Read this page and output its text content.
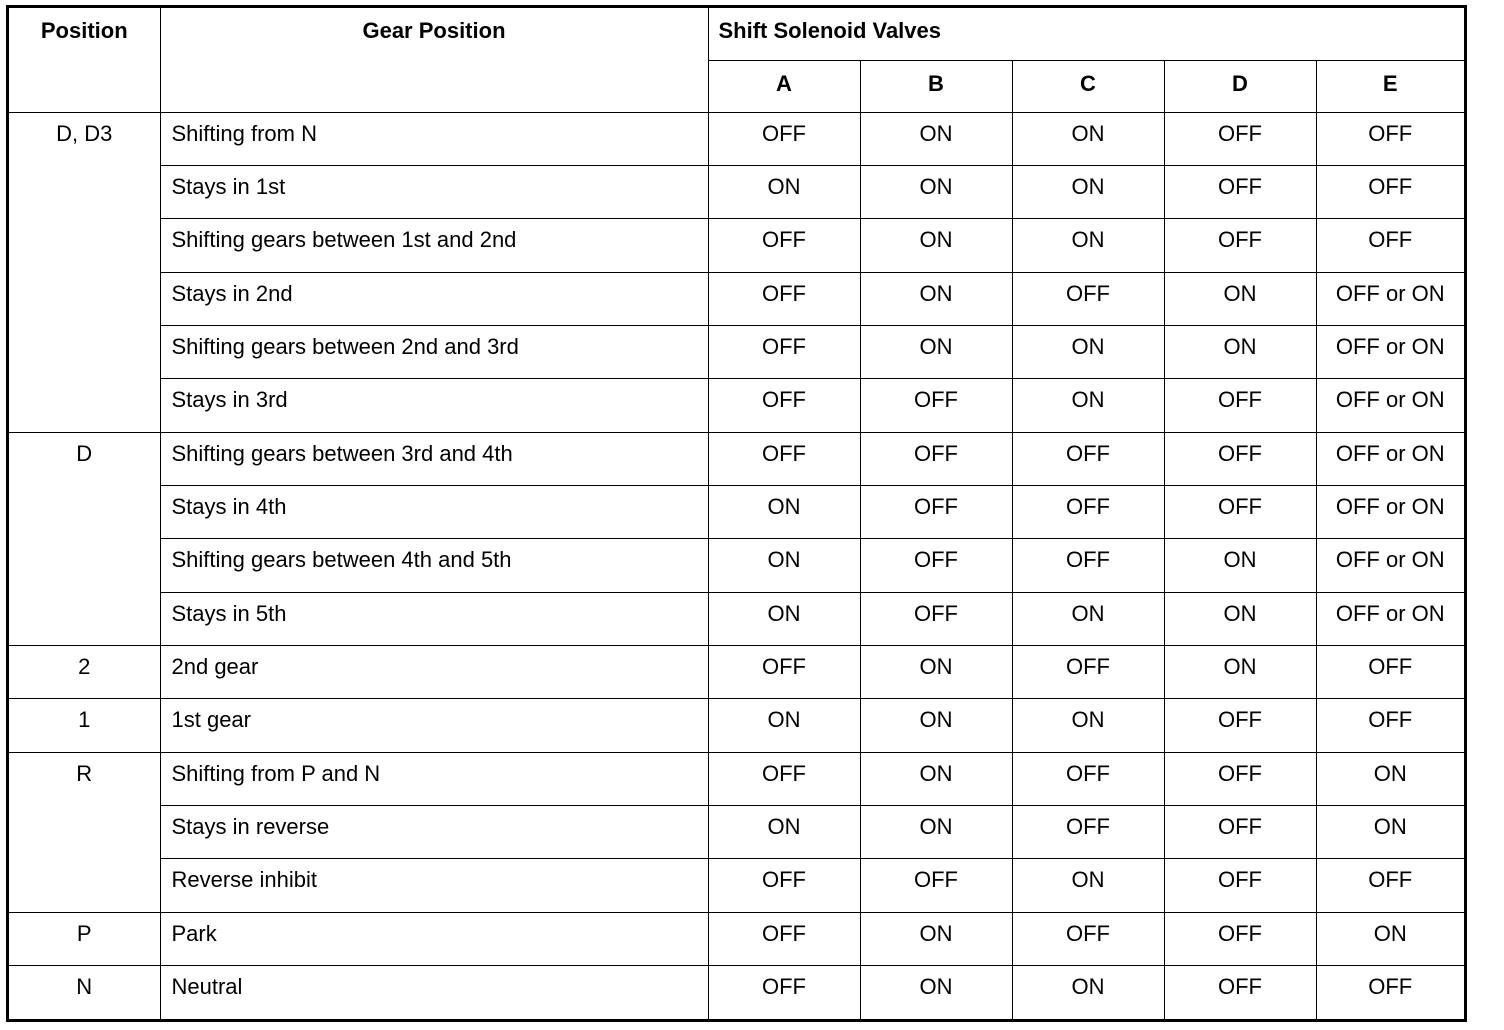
Position	Gear Position	Shift Solenoid Valves				
		A	B	C	D	E
D, D3	Shifting from N	OFF	ON	ON	OFF	OFF
	Stays in 1st	ON	ON	ON	OFF	OFF
	Shifting gears between 1st and 2nd	OFF	ON	ON	OFF	OFF
	Stays in 2nd	OFF	ON	OFF	ON	OFF or ON
	Shifting gears between 2nd and 3rd	OFF	ON	ON	ON	OFF or ON
	Stays in 3rd	OFF	OFF	ON	OFF	OFF or ON
D	Shifting gears between 3rd and 4th	OFF	OFF	OFF	OFF	OFF or ON
	Stays in 4th	ON	OFF	OFF	OFF	OFF or ON
	Shifting gears between 4th and 5th	ON	OFF	OFF	ON	OFF or ON
	Stays in 5th	ON	OFF	ON	ON	OFF or ON
2	2nd gear	OFF	ON	OFF	ON	OFF
1	1st gear	ON	ON	ON	OFF	OFF
R	Shifting from P and N	OFF	ON	OFF	OFF	ON
	Stays in reverse	ON	ON	OFF	OFF	ON
	Reverse inhibit	OFF	OFF	ON	OFF	OFF
P	Park	OFF	ON	OFF	OFF	ON
N	Neutral	OFF	ON	ON	OFF	OFF
